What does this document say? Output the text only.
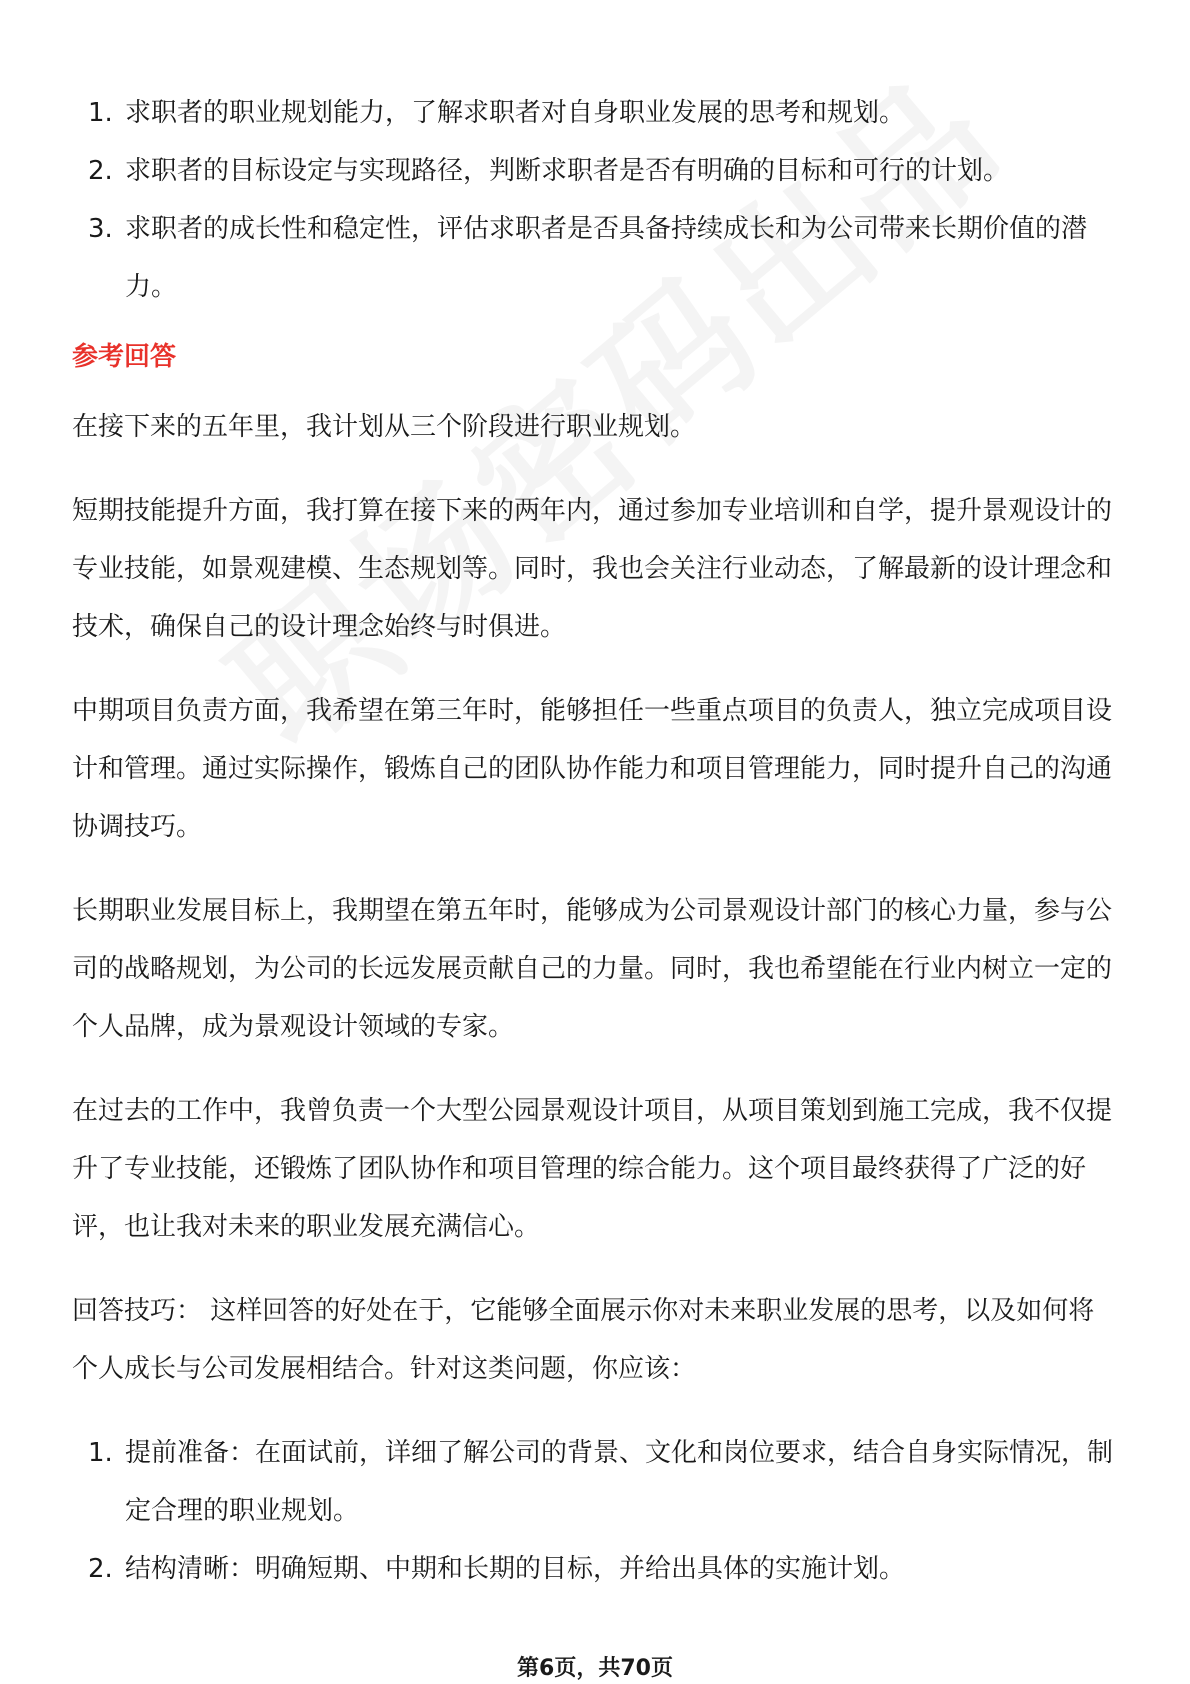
1. 求职者的职业规划能力，了解求职者对自身职业发展的思考和规划。
2. 求职者的目标设定与实现路径，判断求职者是否有明确的目标和可行的计划。
3. 求职者的成长性和稳定性，评估求职者是否具备持续成长和为公司带来长期价值的潜力。
参考回答

在接下来的五年里，我计划从三个阶段进行职业规划。

短期技能提升方面，我打算在接下来的两年内，通过参加专业培训和自学，提升景观设计的专业技能，如景观建模、生态规划等。同时，我也会关注行业动态，了解最新的设计理念和技术，确保自己的设计理念始终与时俱进。

中期项目负责方面，我希望在第三年时，能够担任一些重点项目的负责人，独立完成项目设计和管理。通过实际操作，锻炼自己的团队协作能力和项目管理能力，同时提升自己的沟通协调技巧。

长期职业发展目标上，我期望在第五年时，能够成为公司景观设计部门的核心力量，参与公司的战略规划，为公司的长远发展贡献自己的力量。同时，我也希望能在行业内树立一定的个人品牌，成为景观设计领域的专家。

在过去的工作中，我曾负责一个大型公园景观设计项目，从项目策划到施工完成，我不仅提升了专业技能，还锻炼了团队协作和项目管理的综合能力。这个项目最终获得了广泛的好评，也让我对未来的职业发展充满信心。

回答技巧： 这样回答的好处在于，它能够全面展示你对未来职业发展的思考，以及如何将个人成长与公司发展相结合。针对这类问题，你应该：

1. 提前准备：在面试前，详细了解公司的背景、文化和岗位要求，结合自身实际情况，制定合理的职业规划。
2. 结构清晰：明确短期、中期和长期的目标，并给出具体的实施计划。
第6页，共70页
